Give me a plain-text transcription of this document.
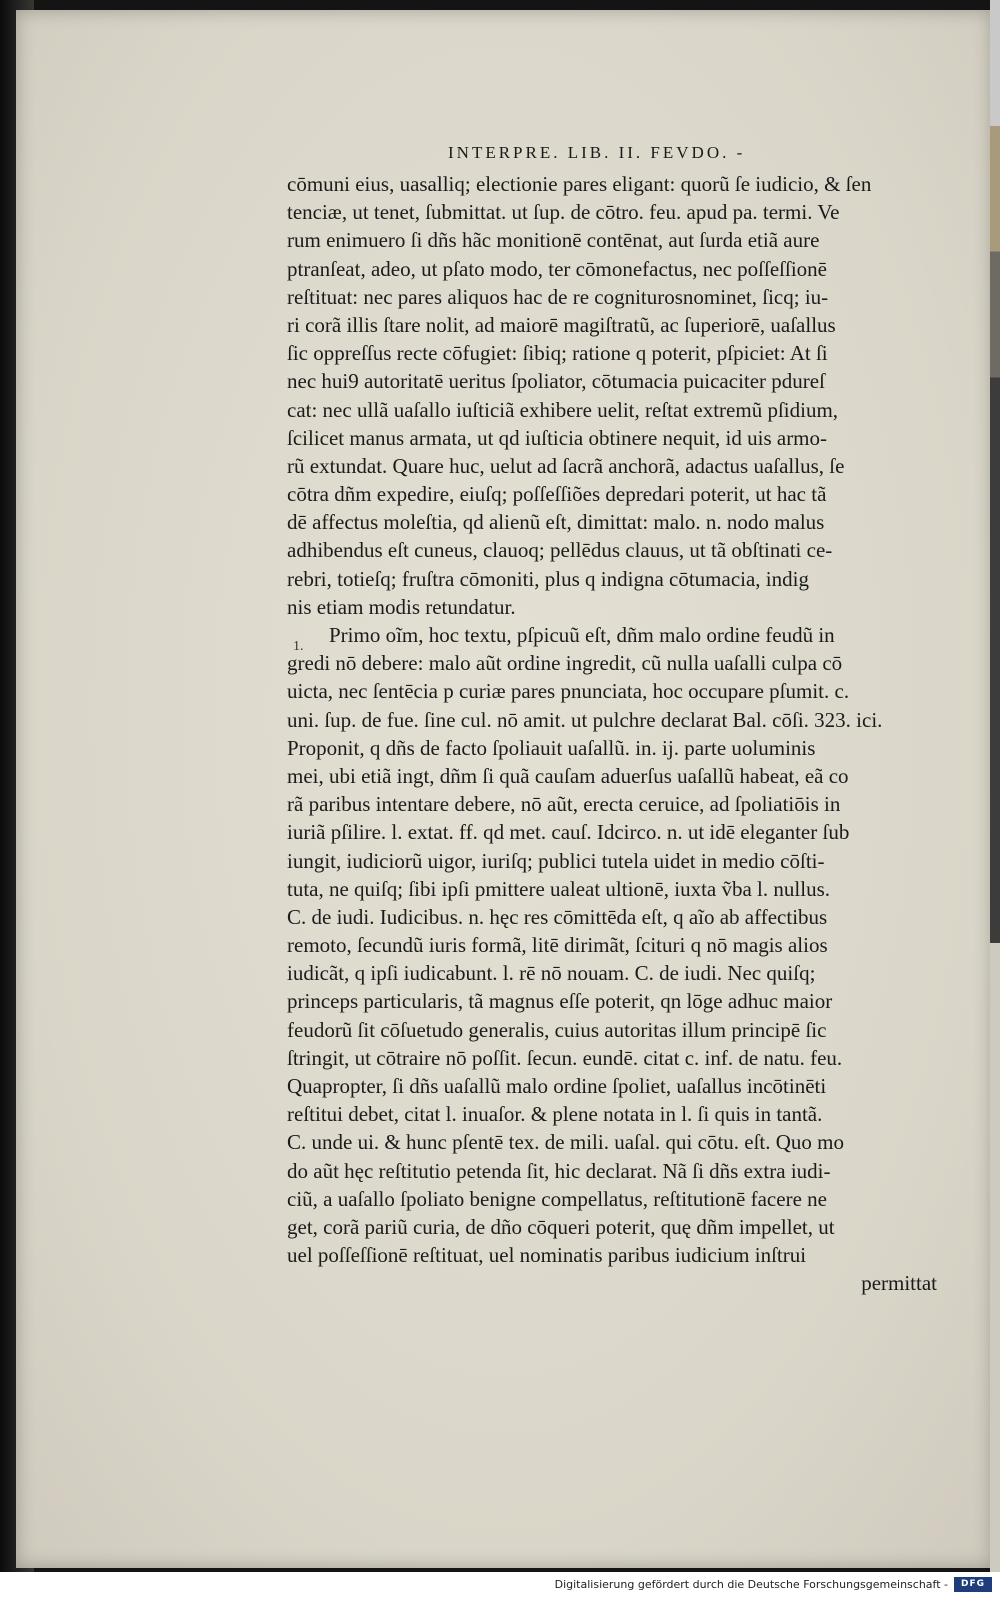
INTERPRE. LIB. II. FEVDO. -
cōmuni eius, uasalliq; electionie pares eligant: quorũ ſe iudicio, & ſen
tenciæ, ut tenet, ſubmittat. ut ſup. de cōtro. feu. apud pa. termi. Ve
rum enimuero ſi dñs hãc monitionē contēnat, aut ſurda etiã aure
ptranſeat, adeo, ut pſato modo, ter cōmonefactus, nec poſſeſſionē
reſtituat: nec pares aliquos hac de re cogniturosnominet, ſicq; iu-
ri corã illis ſtare nolit, ad maiorē magiſtratũ, ac ſuperiorē, uaſallus
ſic oppreſſus recte cōfugiet: ſibiq; ratione q poterit, pſpiciet: At ſi
nec hui9 autoritatē ueritus ſpoliator, cōtumacia puicaciter pdureſ
cat: nec ullã uaſallo iuſticiã exhibere uelit, reſtat extremũ pſidium,
ſcilicet manus armata, ut qd iuſticia obtinere nequit, id uis armo-
rũ extundat. Quare huc, uelut ad ſacrã anchorã, adactus uaſallus, ſe
cōtra dñm expedire, eiuſq; poſſeſſiões depredari poterit, ut hac tã
dē affectus moleſtia, qd alienũ eſt, dimittat: malo. n. nodo malus
adhibendus eſt cuneus, clauoq; pellēdus clauus, ut tã obſtinati ce-
rebri, totieſq; fruſtra cōmoniti, plus q indigna cōtumacia, indig
nis etiam modis retundatur.
Primo oĩm, hoc textu, pſpicuũ eſt, dñm malo ordine feudũ in
gredi nō debere: malo aũt ordine ingredit, cũ nulla uaſalli culpa cō
uicta, nec ſentēcia p curiæ pares pnunciata, hoc occupare pſumit. c.
uni. ſup. de fue. ſine cul. nō amit. ut pulchre declarat Bal. cōſi. 323. ici.
Proponit, q dñs de facto ſpoliauit uaſallũ. in. ij. parte uoluminis
mei, ubi etiã ingt, dñm ſi quã cauſam aduerſus uaſallũ habeat, eã co
rã paribus intentare debere, nō aũt, erecta ceruice, ad ſpoliatiōis in
iuriã pſilire. l. extat. ff. qd met. cauſ. Idcirco. n. ut idē eleganter ſub
iungit, iudiciorũ uigor, iuriſq; publici tutela uidet in medio cōſti-
tuta, ne quiſq; ſibi ipſi pmittere ualeat ultionē, iuxta ṽba l. nullus.
C. de iudi. Iudicibus. n. hęc res cōmittēda eſt, q aĩo ab affectibus
remoto, ſecundũ iuris formã, litē dirimãt, ſcituri q nō magis alios
iudicãt, q ipſi iudicabunt. l. rē nō nouam. C. de iudi. Nec quiſq;
princeps particularis, tã magnus eſſe poterit, qn lōge adhuc maior
feudorũ ſit cōſuetudo generalis, cuius autoritas illum principē ſic
ſtringit, ut cōtraire nō poſſit. ſecun. eundē. citat c. inf. de natu. feu.
Quapropter, ſi dñs uaſallũ malo ordine ſpoliet, uaſallus incōtinēti
reſtitui debet, citat l. inuaſor. & plene notata in l. ſi quis in tantã.
C. unde ui. & hunc pſentē tex. de mili. uaſal. qui cōtu. eſt. Quo mo
do aũt hęc reſtitutio petenda ſit, hic declarat. Nã ſi dñs extra iudi-
ciũ, a uaſallo ſpoliato benigne compellatus, reſtitutionē facere ne
get, corã pariũ curia, de dño cōqueri poterit, quę dñm impellet, ut
uel poſſeſſionē reſtituat, uel nominatis paribus iudicium inſtrui
permittat
Digitalisierung gefördert durch die Deutsche Forschungsgemeinschaft -	DFG
1.
